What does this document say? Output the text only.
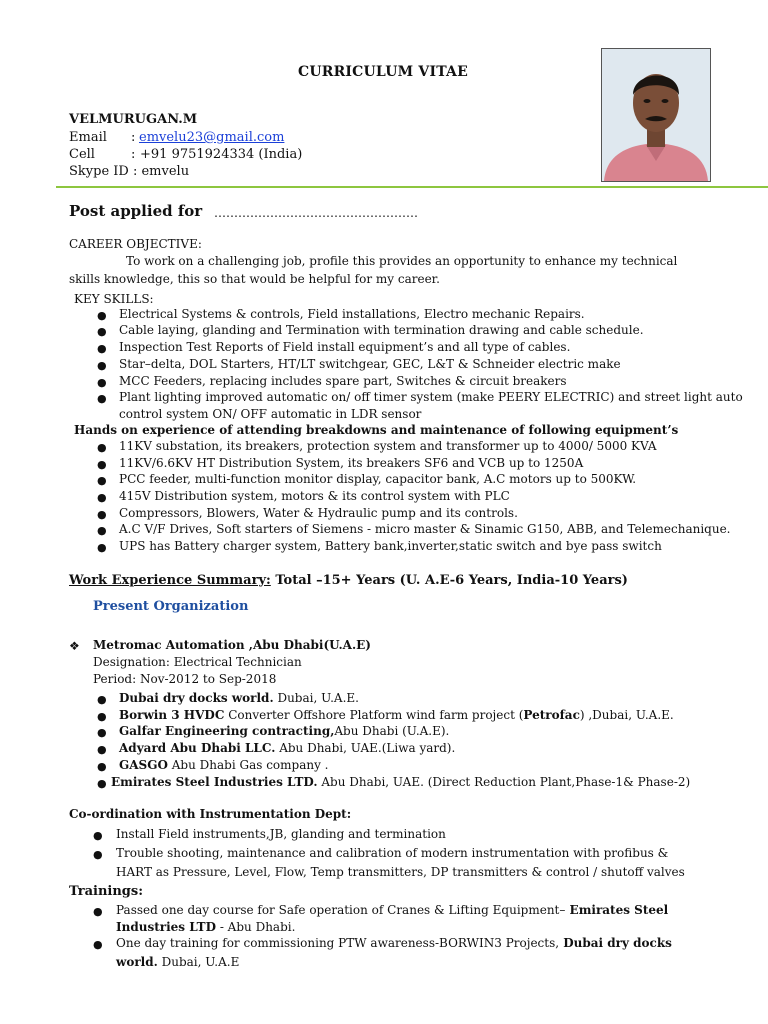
CURRICULUM VITAE
VELMURUGAN.M
Email : emvelu23@gmail.com
Cell	: +91 9751924334 (India)
Skype ID : emvelu
Post applied for ……………………………………………
CAREER OBJECTIVE:
To work on a challenging job, profile this provides an opportunity to enhance my technical
skills knowledge, this so that would be helpful for my career.
KEY SKILLS:
● Electrical Systems & controls, Field installations, Electro mechanic Repairs.
● Cable laying, glanding and Termination with termination drawing and cable schedule.
● Inspection Test Reports of Field install equipment’s and all type of cables.
● Star–delta, DOL Starters, HT/LT switchgear, GEC, L&T & Schneider electric make
● MCC Feeders, replacing includes spare part, Switches & circuit breakers
● Plant lighting improved automatic on/ off timer system (make PEERY ELECTRIC) and street light auto
control system ON/ OFF automatic in LDR sensor
Hands on experience of attending breakdowns and maintenance of following equipment’s
● 11KV substation, its breakers, protection system and transformer up to 4000/ 5000 KVA
● 11KV/6.6KV HT Distribution System, its breakers SF6 and VCB up to 1250A
● PCC feeder, multi-function monitor display, capacitor bank, A.C motors up to 500KW.
● 415V Distribution system, motors & its control system with PLC
● Compressors, Blowers, Water & Hydraulic pump and its controls.
● A.C V/F Drives, Soft starters of Siemens - micro master & Sinamic G150, ABB, and Telemechanique.
● UPS has Battery charger system, Battery bank,inverter,static switch and bye pass switch
Work Experience Summary: Total –15+ Years (U. A.E-6 Years, India-10 Years)
Present Organization
❖ Metromac Automation ,Abu Dhabi(U.A.E)
Designation: Electrical Technician
Period: Nov-2012 to Sep-2018
● Dubai dry docks world. Dubai, U.A.E.
● Borwin 3 HVDC Converter Offshore Platform wind farm project (Petrofac) ,Dubai, U.A.E.
● Galfar Engineering contracting,Abu Dhabi (U.A.E).
● Adyard Abu Dhabi LLC. Abu Dhabi, UAE.(Liwa yard).
● GASGO Abu Dhabi Gas company .
● Emirates Steel Industries LTD. Abu Dhabi, UAE. (Direct Reduction Plant,Phase-1& Phase-2)
Co-ordination with Instrumentation Dept:
● Install Field instruments,JB, glanding and termination
● Trouble shooting, maintenance and calibration of modern instrumentation with profibus &
HART as Pressure, Level, Flow, Temp transmitters, DP transmitters & control / shutoff valves
Trainings:
● Passed one day course for Safe operation of Cranes & Lifting Equipment– Emirates Steel
Industries LTD - Abu Dhabi.
● One day training for commissioning PTW awareness-BORWIN3 Projects, Dubai dry docks
world. Dubai, U.A.E
